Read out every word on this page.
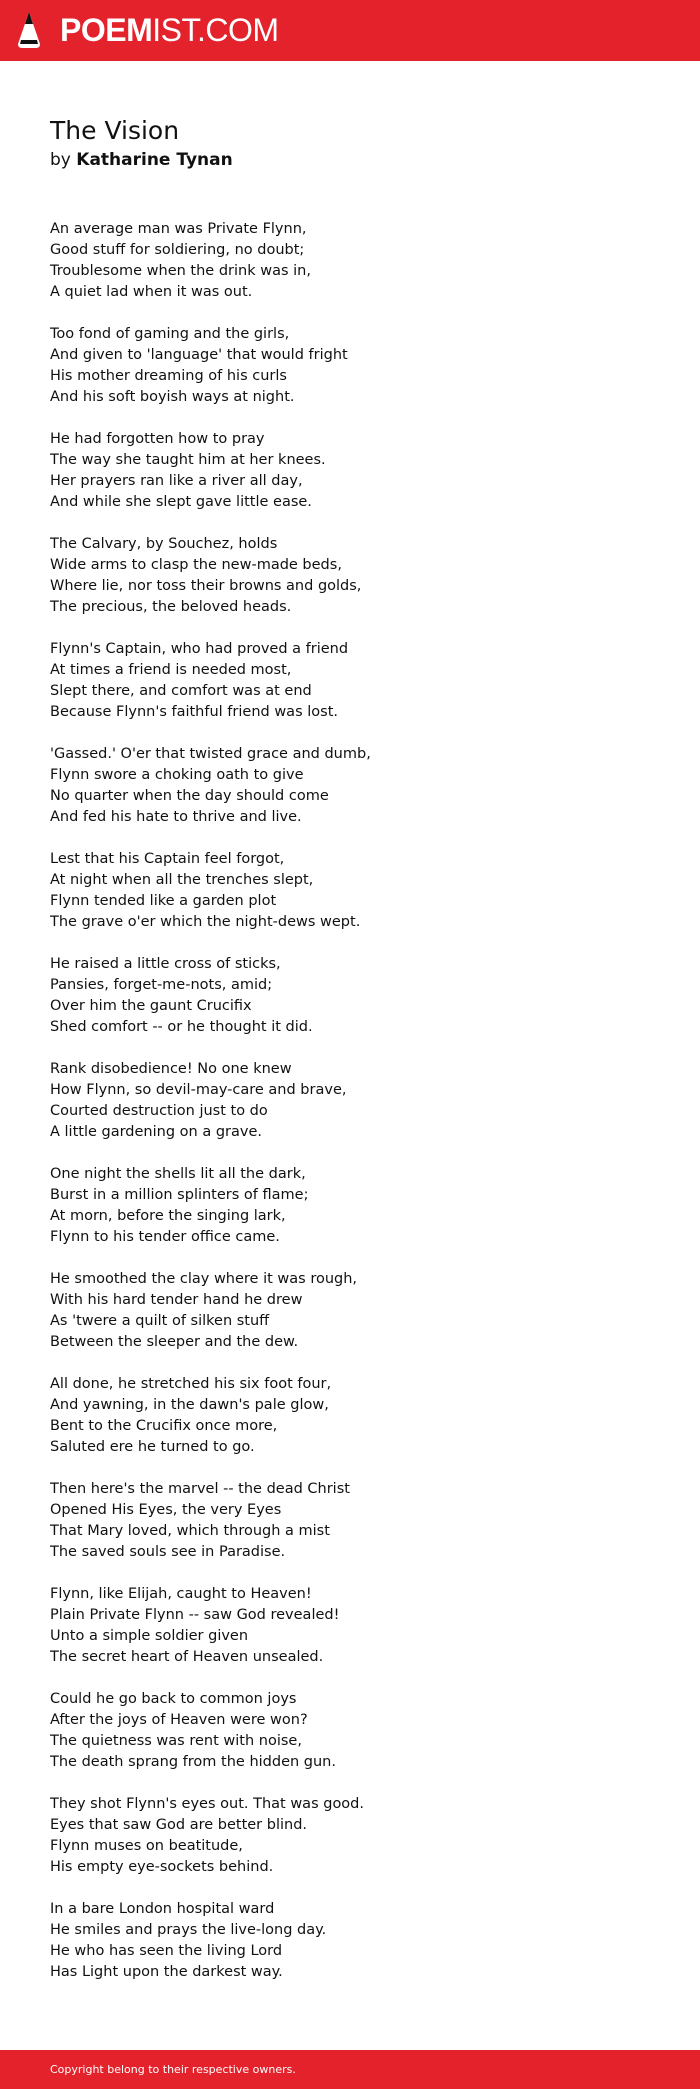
POEMIST.COM
The Vision
by Katharine Tynan
An average man was Private Flynn,
Good stuff for soldiering, no doubt;
Troublesome when the drink was in,
A quiet lad when it was out.
Too fond of gaming and the girls,
And given to 'language' that would fright
His mother dreaming of his curls
And his soft boyish ways at night.
He had forgotten how to pray
The way she taught him at her knees.
Her prayers ran like a river all day,
And while she slept gave little ease.
The Calvary, by Souchez, holds
Wide arms to clasp the new-made beds,
Where lie, nor toss their browns and golds,
The precious, the beloved heads.
Flynn's Captain, who had proved a friend
At times a friend is needed most,
Slept there, and comfort was at end
Because Flynn's faithful friend was lost.
'Gassed.' O'er that twisted grace and dumb,
Flynn swore a choking oath to give
No quarter when the day should come
And fed his hate to thrive and live.
Lest that his Captain feel forgot,
At night when all the trenches slept,
Flynn tended like a garden plot
The grave o'er which the night-dews wept.
He raised a little cross of sticks,
Pansies, forget-me-nots, amid;
Over him the gaunt Crucifix
Shed comfort -- or he thought it did.
Rank disobedience! No one knew
How Flynn, so devil-may-care and brave,
Courted destruction just to do
A little gardening on a grave.
One night the shells lit all the dark,
Burst in a million splinters of flame;
At morn, before the singing lark,
Flynn to his tender office came.
He smoothed the clay where it was rough,
With his hard tender hand he drew
As 'twere a quilt of silken stuff
Between the sleeper and the dew.
All done, he stretched his six foot four,
And yawning, in the dawn's pale glow,
Bent to the Crucifix once more,
Saluted ere he turned to go.
Then here's the marvel -- the dead Christ
Opened His Eyes, the very Eyes
That Mary loved, which through a mist
The saved souls see in Paradise.
Flynn, like Elijah, caught to Heaven!
Plain Private Flynn -- saw God revealed!
Unto a simple soldier given
The secret heart of Heaven unsealed.
Could he go back to common joys
After the joys of Heaven were won?
The quietness was rent with noise,
The death sprang from the hidden gun.
They shot Flynn's eyes out. That was good.
Eyes that saw God are better blind.
Flynn muses on beatitude,
His empty eye-sockets behind.
In a bare London hospital ward
He smiles and prays the live-long day.
He who has seen the living Lord
Has Light upon the darkest way.
Copyright belong to their respective owners.
